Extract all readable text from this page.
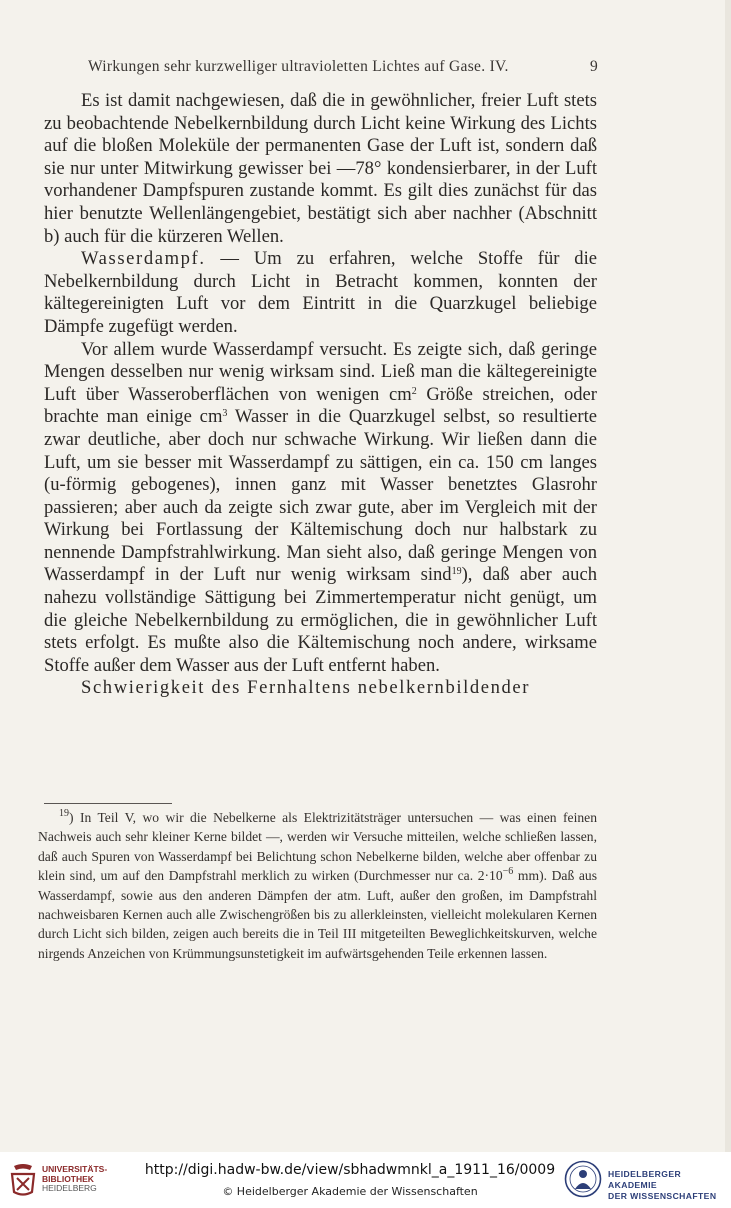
Wirkungen sehr kurzwelliger ultravioletten Lichtes auf Gase. IV.	9

Es ist damit nachgewiesen, daß die in gewöhnlicher, freier Luft stets zu beobachtende Nebelkernbildung durch Licht keine Wirkung des Lichts auf die bloßen Moleküle der permanenten Gase der Luft ist, sondern daß sie nur unter Mitwirkung gewisser bei —78° kondensierbarer, in der Luft vorhandener Dampfspuren zustande kommt. Es gilt dies zunächst für das hier benutzte Wellenlängengebiet, bestätigt sich aber nachher (Abschnitt b) auch für die kürzeren Wellen.

Wasserdampf. — Um zu erfahren, welche Stoffe für die Nebelkernbildung durch Licht in Betracht kommen, konnten der kältegereinigten Luft vor dem Eintritt in die Quarzkugel beliebige Dämpfe zugefügt werden.

Vor allem wurde Wasserdampf versucht. Es zeigte sich, daß geringe Mengen desselben nur wenig wirksam sind. Ließ man die kältegereinigte Luft über Wasseroberflächen von wenigen $cm^2$ Größe streichen, oder brachte man einige $cm^3$ Wasser in die Quarzkugel selbst, so resultierte zwar deutliche, aber doch nur schwache Wirkung. Wir ließen dann die Luft, um sie besser mit Wasserdampf zu sättigen, ein ca. 150 cm langes (u-förmig gebogenes), innen ganz mit Wasser benetztes Glasrohr passieren; aber auch da zeigte sich zwar gute, aber im Vergleich mit der Wirkung bei Fortlassung der Kältemischung doch nur halbstark zu nennende Dampfstrahlwirkung. Man sieht also, daß geringe Mengen von Wasserdampf in der Luft nur wenig wirksam sind$^{19}$), daß aber auch nahezu vollständige Sättigung bei Zimmertemperatur nicht genügt, um die gleiche Nebelkernbildung zu ermöglichen, die in gewöhnlicher Luft stets erfolgt. Es mußte also die Kältemischung noch andere, wirksame Stoffe außer dem Wasser aus der Luft entfernt haben.

Schwierigkeit des Fernhaltens nebelkernbildender

$^{19}$) In Teil V, wo wir die Nebelkerne als Elektrizitätsträger untersuchen — was einen feinen Nachweis auch sehr kleiner Kerne bildet —, werden wir Versuche mitteilen, welche schließen lassen, daß auch Spuren von Wasserdampf bei Belichtung schon Nebelkerne bilden, welche aber offenbar zu klein sind, um auf den Dampfstrahl merklich zu wirken (Durchmesser nur ca. $2\cdot 10^{-6}$ mm). Daß aus Wasserdampf, sowie aus den anderen Dämpfen der atm. Luft, außer den großen, im Dampfstrahl nachweisbaren Kernen auch alle Zwischengrößen bis zu allerkleinsten, vielleicht molekularen Kernen durch Licht sich bilden, zeigen auch bereits die in Teil III mitgeteilten Beweglichkeitskurven, welche nirgends Anzeichen von Krümmungsunstetigkeit im aufwärtsgehenden Teile erkennen lassen.

UNIVERSITÄTS-
BIBLIOTHEK
HEIDELBERG
http://digi.hadw-bw.de/view/sbhadwmnkl_a_1911_16/0009
© Heidelberger Akademie der Wissenschaften
HEIDELBERGER AKADEMIE
DER WISSENSCHAFTEN
